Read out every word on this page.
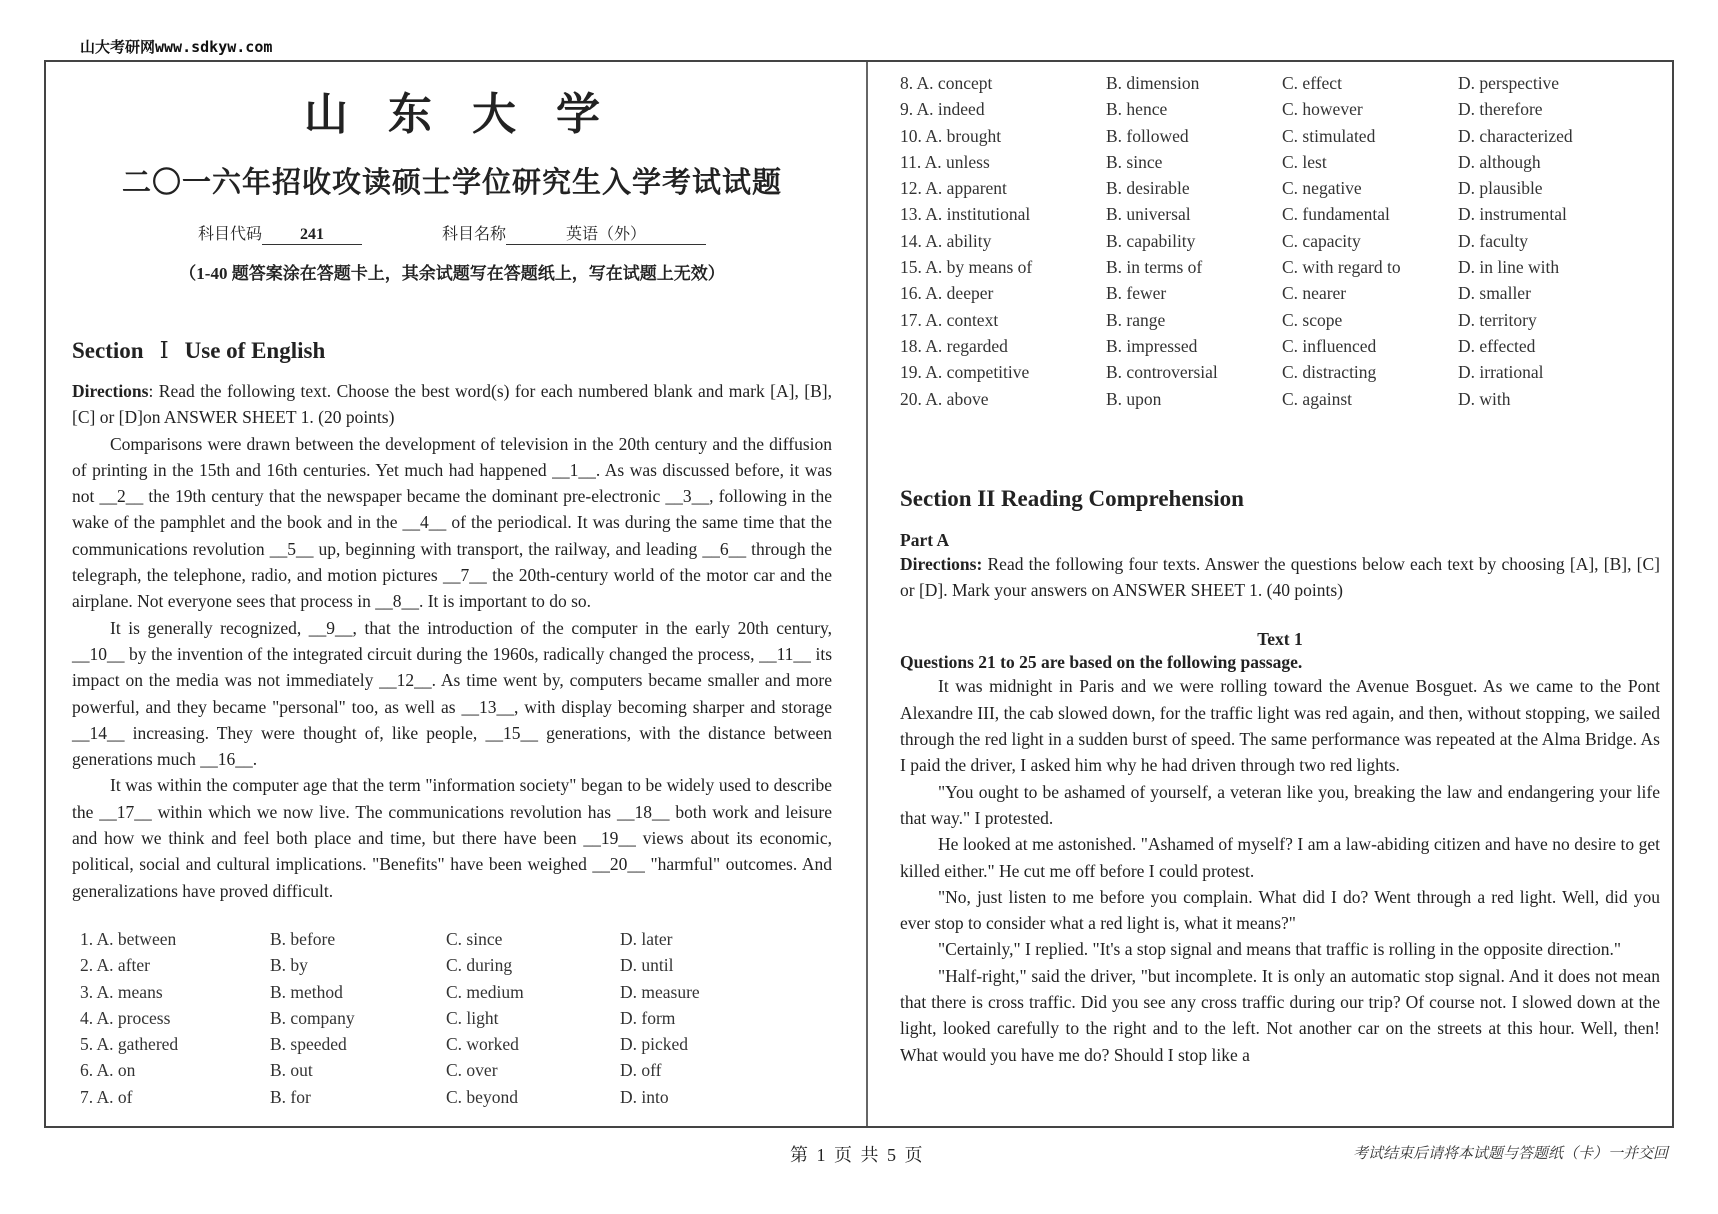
山大考研网www.sdkyw.com
山东大学
二〇一六年招收攻读硕士学位研究生入学考试试题
科目代码 241	科目名称	英语（外）
（1-40 题答案涂在答题卡上，其余试题写在答题纸上，写在试题上无效）
Section Ⅰ Use of English

Directions: Read the following text. Choose the best word(s) for each numbered blank and mark [A], [B], [C] or [D]on ANSWER SHEET 1. (20 points)

Comparisons were drawn between the development of television in the 20th century and the diffusion of printing in the 15th and 16th centuries. Yet much had happened __1__. As was discussed before, it was not __2__ the 19th century that the newspaper became the dominant pre-electronic __3__, following in the wake of the pamphlet and the book and in the __4__ of the periodical. It was during the same time that the communications revolution __5__ up, beginning with transport, the railway, and leading __6__ through the telegraph, the telephone, radio, and motion pictures __7__ the 20th-century world of the motor car and the airplane. Not everyone sees that process in __8__. It is important to do so.

It is generally recognized, __9__, that the introduction of the computer in the early 20th century, __10__ by the invention of the integrated circuit during the 1960s, radically changed the process, __11__ its impact on the media was not immediately __12__. As time went by, computers became smaller and more powerful, and they became "personal" too, as well as __13__, with display becoming sharper and storage __14__ increasing. They were thought of, like people, __15__ generations, with the distance between generations much __16__.

It was within the computer age that the term "information society" began to be widely used to describe the __17__ within which we now live. The communications revolution has __18__ both work and leisure and how we think and feel both place and time, but there have been __19__ views about its economic, political, social and cultural implications. "Benefits" have been weighed __20__ "harmful" outcomes. And generalizations have proved difficult.

1. A. between	B. before	C. since	D. later
2. A. after	B. by	C. during	D. until
3. A. means	B. method	C. medium	D. measure
4. A. process	B. company	C. light	D. form
5. A. gathered	B. speeded	C. worked	D. picked
6. A. on	B. out	C. over	D. off
7. A. of	B. for	C. beyond	D. into
8. A. concept	B. dimension	C. effect	D. perspective
9. A. indeed	B. hence	C. however	D. therefore
10. A. brought	B. followed	C. stimulated	D. characterized
11. A. unless	B. since	C. lest	D. although
12. A. apparent	B. desirable	C. negative	D. plausible
13. A. institutional	B. universal	C. fundamental	D. instrumental
14. A. ability	B. capability	C. capacity	D. faculty
15. A. by means of	B. in terms of	C. with regard to	D. in line with
16. A. deeper	B. fewer	C. nearer	D. smaller
17. A. context	B. range	C. scope	D. territory
18. A. regarded	B. impressed	C. influenced	D. effected
19. A. competitive	B. controversial	C. distracting	D. irrational
20. A. above	B. upon	C. against	D. with
Section II Reading Comprehension
Part A

Directions: Read the following four texts. Answer the questions below each text by choosing [A], [B], [C] or [D]. Mark your answers on ANSWER SHEET 1. (40 points)

Text 1
Questions 21 to 25 are based on the following passage.

It was midnight in Paris and we were rolling toward the Avenue Bosguet. As we came to the Pont Alexandre III, the cab slowed down, for the traffic light was red again, and then, without stopping, we sailed through the red light in a sudden burst of speed. The same performance was repeated at the Alma Bridge. As I paid the driver, I asked him why he had driven through two red lights.

"You ought to be ashamed of yourself, a veteran like you, breaking the law and endangering your life that way." I protested.

He looked at me astonished. "Ashamed of myself? I am a law-abiding citizen and have no desire to get killed either." He cut me off before I could protest.

"No, just listen to me before you complain. What did I do? Went through a red light. Well, did you ever stop to consider what a red light is, what it means?"

"Certainly," I replied. "It's a stop signal and means that traffic is rolling in the opposite direction."

"Half-right," said the driver, "but incomplete. It is only an automatic stop signal. And it does not mean that there is cross traffic. Did you see any cross traffic during our trip? Of course not. I slowed down at the light, looked carefully to the right and to the left. Not another car on the streets at this hour. Well, then! What would you have me do? Should I stop like a

第 1 页 共 5 页	考试结束后请将本试题与答题纸（卡）一并交回
